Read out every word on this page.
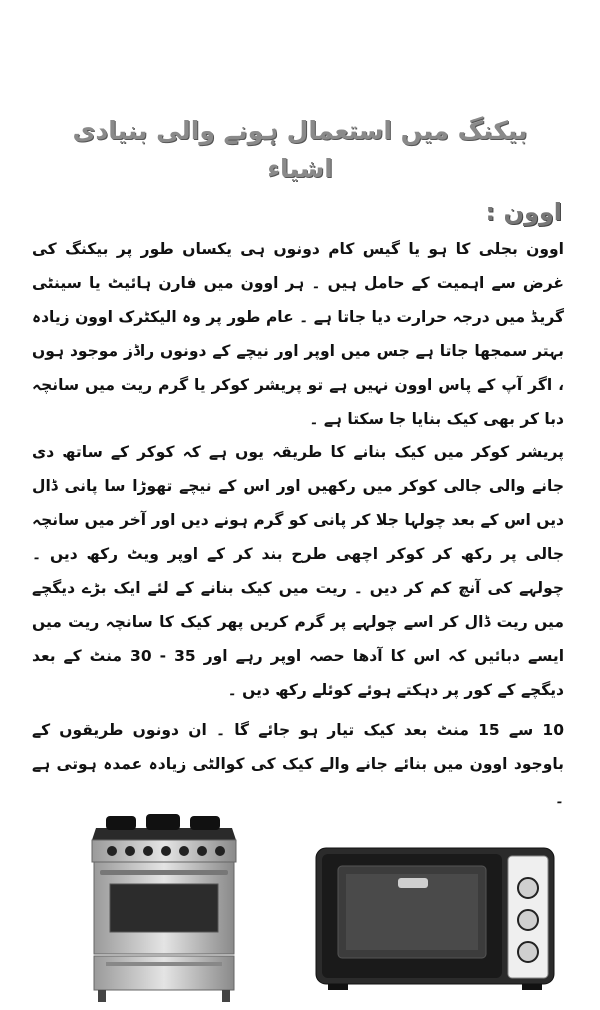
بیکنگ میں استعمال ہونے والی بنیادی اشیاء
اوون :
اوون بجلی کا ہو یا گیس کام دونوں ہی یکساں طور پر بیکنگ کی غرض سے اہمیت کے حامل ہیں ۔ ہر اوون میں فارن ہائیٹ یا سینٹی گریڈ میں درجہ حرارت دیا جاتا ہے ۔ عام طور پر وہ الیکٹرک اوون زیادہ بہتر سمجھا جاتا ہے جس میں اوپر اور نیچے کے دونوں راڈز موجود ہوں ، اگر آپ کے پاس اوون نہیں ہے تو پریشر کوکر یا گرم ریت میں سانچہ دبا کر بھی کیک بنایا جا سکتا ہے ۔
پریشر کوکر میں کیک بنانے کا طریقہ یوں ہے کہ کوکر کے ساتھ دی جانے والی جالی کوکر میں رکھیں اور اس کے نیچے تھوڑا سا پانی ڈال دیں اس کے بعد چولہا جلا کر پانی کو گرم ہونے دیں اور آخر میں سانچہ جالی پر رکھ کر کوکر اچھی طرح بند کر کے اوپر ویٹ رکھ دیں ۔ چولہے کی آنچ کم کر دیں ۔ ریت میں کیک بنانے کے لئے ایک بڑے دیگچے میں ریت ڈال کر اسے چولہے پر گرم کریں پھر کیک کا سانچہ ریت میں ایسے دبائیں کہ اس کا آدھا حصہ اوپر رہے اور 35 - 30 منٹ کے بعد دیگچے کے کور پر دہکتے ہوئے کوئلے رکھ دیں ۔
10 سے 15 منٹ بعد کیک تیار ہو جائے گا ۔ ان دونوں طریقوں کے باوجود اوون میں بنائے جانے والے کیک کی کوالٹی زیادہ عمدہ ہوتی ہے ۔
